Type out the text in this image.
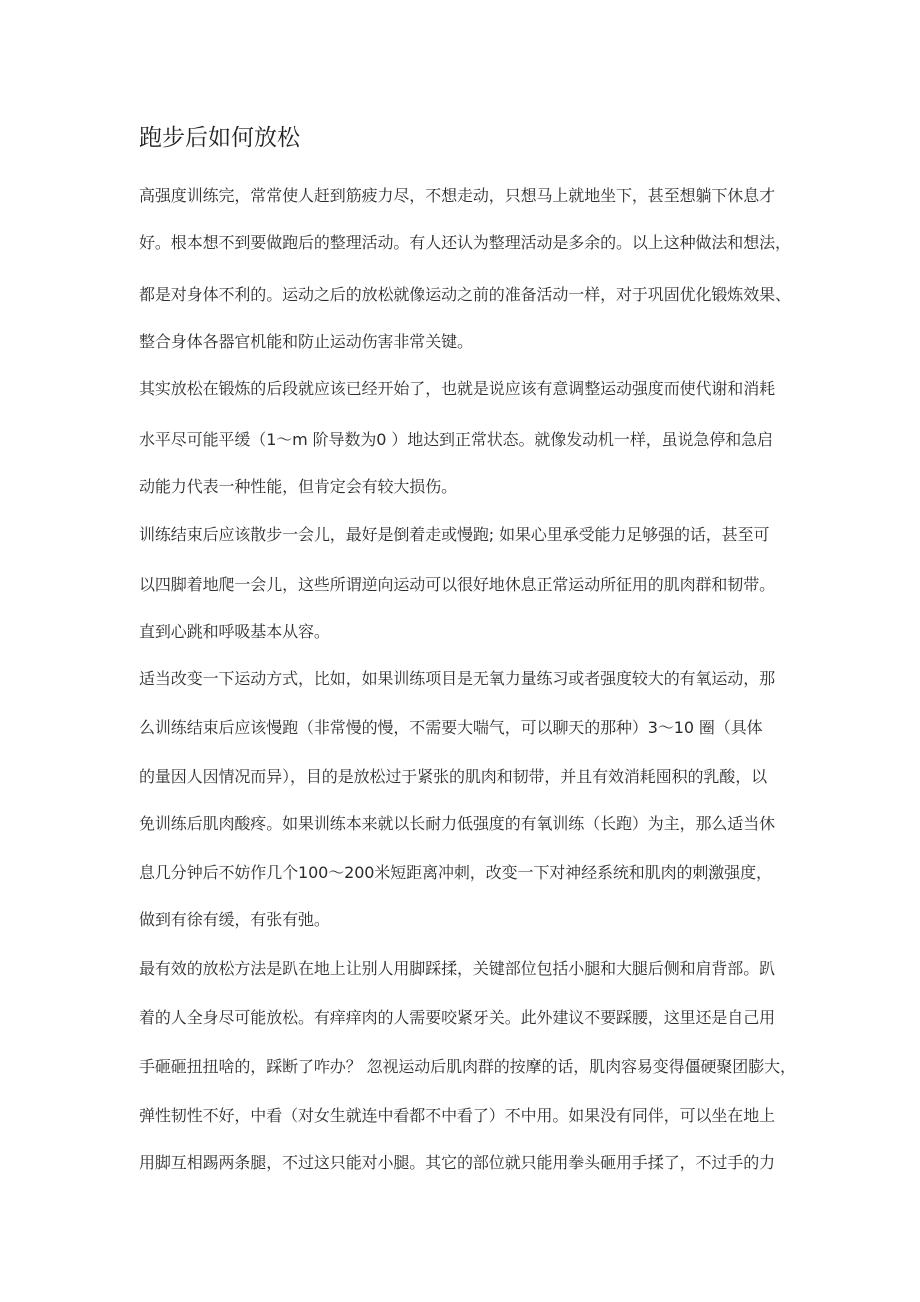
跑步后如何放松
高强度训练完，常常使人赶到筋疲力尽，不想走动，只想马上就地坐下，甚至想躺下休息才
好。根本想不到要做跑后的整理活动。有人还认为整理活动是多余的。以上这种做法和想法，
都是对身体不利的。运动之后的放松就像运动之前的准备活动一样，对于巩固优化锻炼效果、
整合身体各器官机能和防止运动伤害非常关键。
其实放松在锻炼的后段就应该已经开始了，也就是说应该有意调整运动强度而使代谢和消耗
水平尽可能平缓（1～m 阶导数为0 ）地达到正常状态。就像发动机一样，虽说急停和急启
动能力代表一种性能，但肯定会有较大损伤。
训练结束后应该散步一会儿，最好是倒着走或慢跑; 如果心里承受能力足够强的话，甚至可
以四脚着地爬一会儿，这些所谓逆向运动可以很好地休息正常运动所征用的肌肉群和韧带。
直到心跳和呼吸基本从容。
适当改变一下运动方式，比如，如果训练项目是无氧力量练习或者强度较大的有氧运动，那
么训练结束后应该慢跑（非常慢的慢，不需要大喘气，可以聊天的那种）3～10 圈（具体
的量因人因情况而异），目的是放松过于紧张的肌肉和韧带，并且有效消耗囤积的乳酸，以
免训练后肌肉酸疼。如果训练本来就以长耐力低强度的有氧训练（长跑）为主，那么适当休
息几分钟后不妨作几个100～200米短距离冲刺，改变一下对神经系统和肌肉的刺激强度，
做到有徐有缓，有张有弛。
最有效的放松方法是趴在地上让别人用脚踩揉，关键部位包括小腿和大腿后侧和肩背部。趴
着的人全身尽可能放松。有痒痒肉的人需要咬紧牙关。此外建议不要踩腰，这里还是自己用
手砸砸扭扭啥的，踩断了咋办？ 忽视运动后肌肉群的按摩的话，肌肉容易变得僵硬聚团膨大，
弹性韧性不好，中看（对女生就连中看都不中看了）不中用。如果没有同伴，可以坐在地上
用脚互相踢两条腿，不过这只能对小腿。其它的部位就只能用拳头砸用手揉了，不过手的力
